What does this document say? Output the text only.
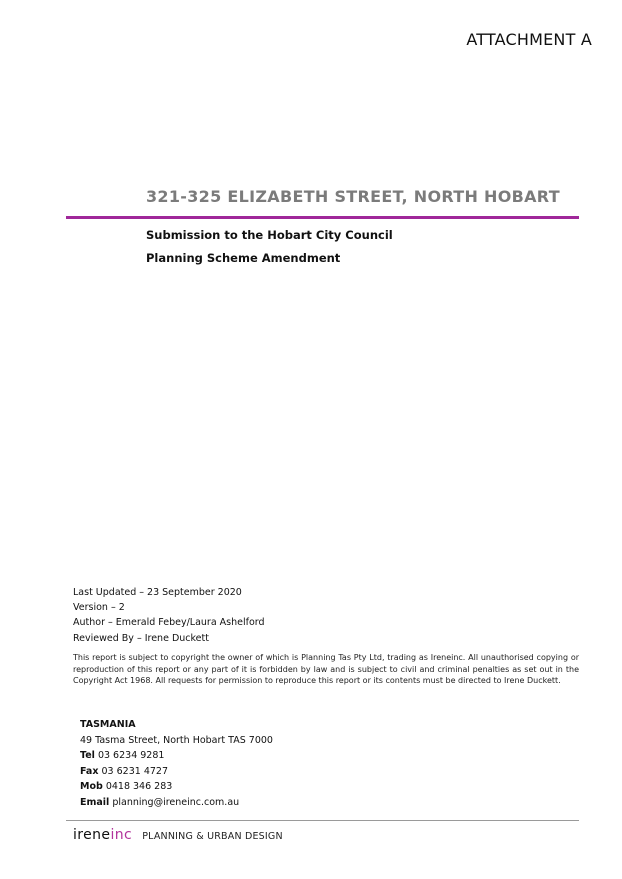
ATTACHMENT A
321-325 ELIZABETH STREET, NORTH HOBART
Submission to the Hobart City Council
Planning Scheme Amendment
Last Updated – 23 September 2020
Version – 2
Author – Emerald Febey/Laura Ashelford
Reviewed By – Irene Duckett
This report is subject to copyright the owner of which is Planning Tas Pty Ltd, trading as Ireneinc. All unauthorised copying or reproduction of this report or any part of it is forbidden by law and is subject to civil and criminal penalties as set out in the Copyright Act 1968. All requests for permission to reproduce this report or its contents must be directed to Irene Duckett.
TASMANIA
49 Tasma Street, North Hobart TAS 7000
Tel 03 6234 9281
Fax 03 6231 4727
Mob 0418 346 283
Email planning@ireneinc.com.au
ireneinc PLANNING & URBAN DESIGN
